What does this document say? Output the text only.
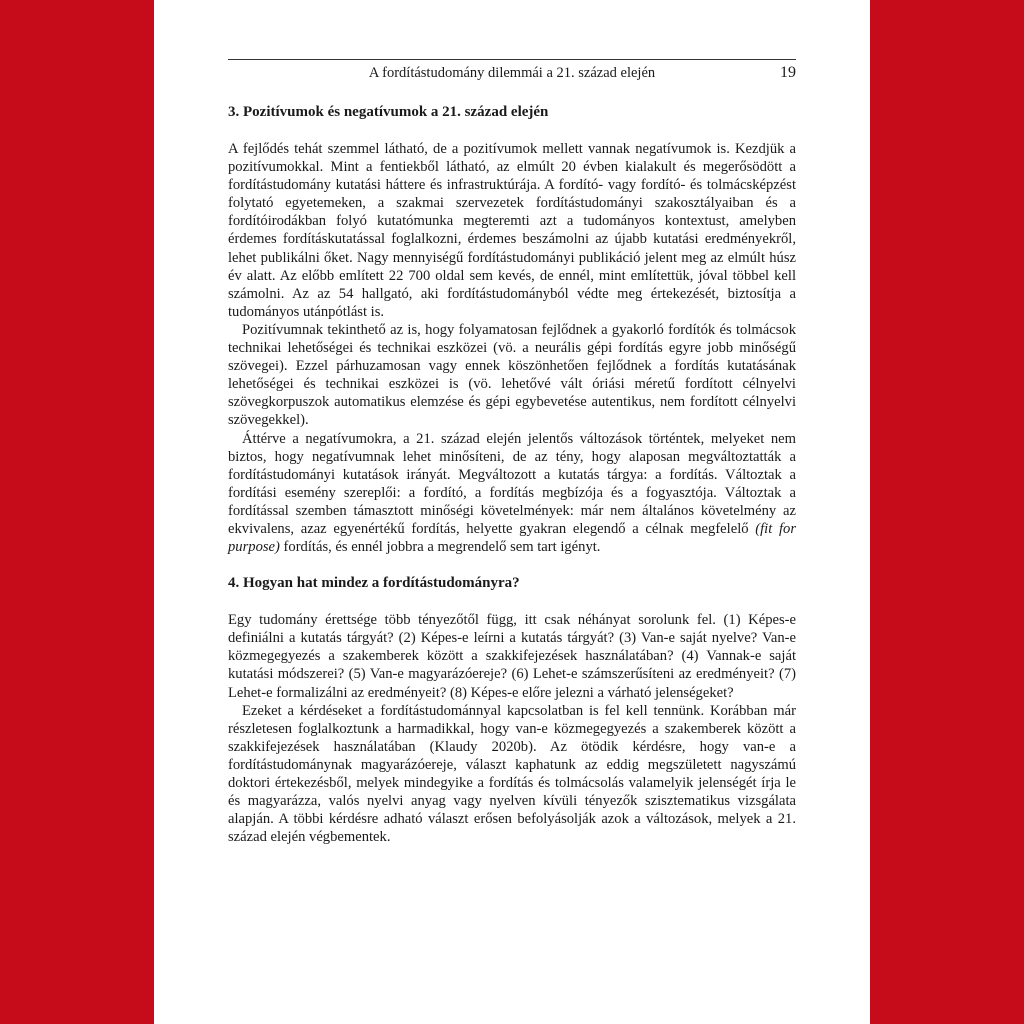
A fordítástudomány dilemmái a 21. század elején	19
3. Pozitívumok és negatívumok a 21. század elején

A fejlődés tehát szemmel látható, de a pozitívumok mellett vannak negatívumok is. Kezdjük a pozitívumokkal. Mint a fentiekből látható, az elmúlt 20 évben kialakult és megerősödött a fordítástudomány kutatási háttere és infrastruktúrája. A fordító- vagy fordító- és tolmácsképzést folytató egyetemeken, a szakmai szervezetek fordítástudományi szakosztályaiban és a fordítóirodákban folyó kutatómunka megteremti azt a tudományos kontextust, amelyben érdemes fordításkutatással foglalkozni, érdemes beszámolni az újabb kutatási eredményekről, lehet publikálni őket. Nagy mennyiségű fordítástudományi publikáció jelent meg az elmúlt húsz év alatt. Az előbb említett 22 700 oldal sem kevés, de ennél, mint említettük, jóval többel kell számolni. Az az 54 hallgató, aki fordítástudományból védte meg értekezését, biztosítja a tudományos utánpótlást is.

Pozitívumnak tekinthető az is, hogy folyamatosan fejlődnek a gyakorló fordítók és tolmácsok technikai lehetőségei és technikai eszközei (vö. a neurális gépi fordítás egyre jobb minőségű szövegei). Ezzel párhuzamosan vagy ennek köszönhetően fejlődnek a fordítás kutatásának lehetőségei és technikai eszközei is (vö. lehetővé vált óriási méretű fordított célnyelvi szövegkorpuszok automatikus elemzése és gépi egybevetése autentikus, nem fordított célnyelvi szövegekkel).

Áttérve a negatívumokra, a 21. század elején jelentős változások történtek, melyeket nem biztos, hogy negatívumnak lehet minősíteni, de az tény, hogy alaposan megváltoztatták a fordítástudományi kutatások irányát. Megváltozott a kutatás tárgya: a fordítás. Változtak a fordítási esemény szereplői: a fordító, a fordítás megbízója és a fogyasztója. Változtak a fordítással szemben támasztott minőségi követelmények: már nem általános követelmény az ekvivalens, azaz egyenértékű fordítás, helyette gyakran elegendő a célnak megfelelő (fit for purpose) fordítás, és ennél jobbra a megrendelő sem tart igényt.

4. Hogyan hat mindez a fordítástudományra?

Egy tudomány érettsége több tényezőtől függ, itt csak néhányat sorolunk fel. (1) Képes-e definiálni a kutatás tárgyát? (2) Képes-e leírni a kutatás tárgyát? (3) Van-e saját nyelve? Van-e közmegegyezés a szakemberek között a szakkifejezések használatában? (4) Vannak-e saját kutatási módszerei? (5) Van-e magyarázóereje? (6) Lehet-e számszerűsíteni az eredményeit? (7) Lehet-e formalizálni az eredményeit? (8) Képes-e előre jelezni a várható jelenségeket?

Ezeket a kérdéseket a fordítástudománnyal kapcsolatban is fel kell tennünk. Korábban már részletesen foglalkoztunk a harmadikkal, hogy van-e közmegegyezés a szakemberek között a szakkifejezések használatában (Klaudy 2020b). Az ötödik kérdésre, hogy van-e a fordítástudománynak magyarázóereje, választ kaphatunk az eddig megszületett nagyszámú doktori értekezésből, melyek mindegyike a fordítás és tolmácsolás valamelyik jelenségét írja le és magyarázza, valós nyelvi anyag vagy nyelven kívüli tényezők szisztematikus vizsgálata alapján. A többi kérdésre adható választ erősen befolyásolják azok a változások, melyek a 21. század elején végbementek.
